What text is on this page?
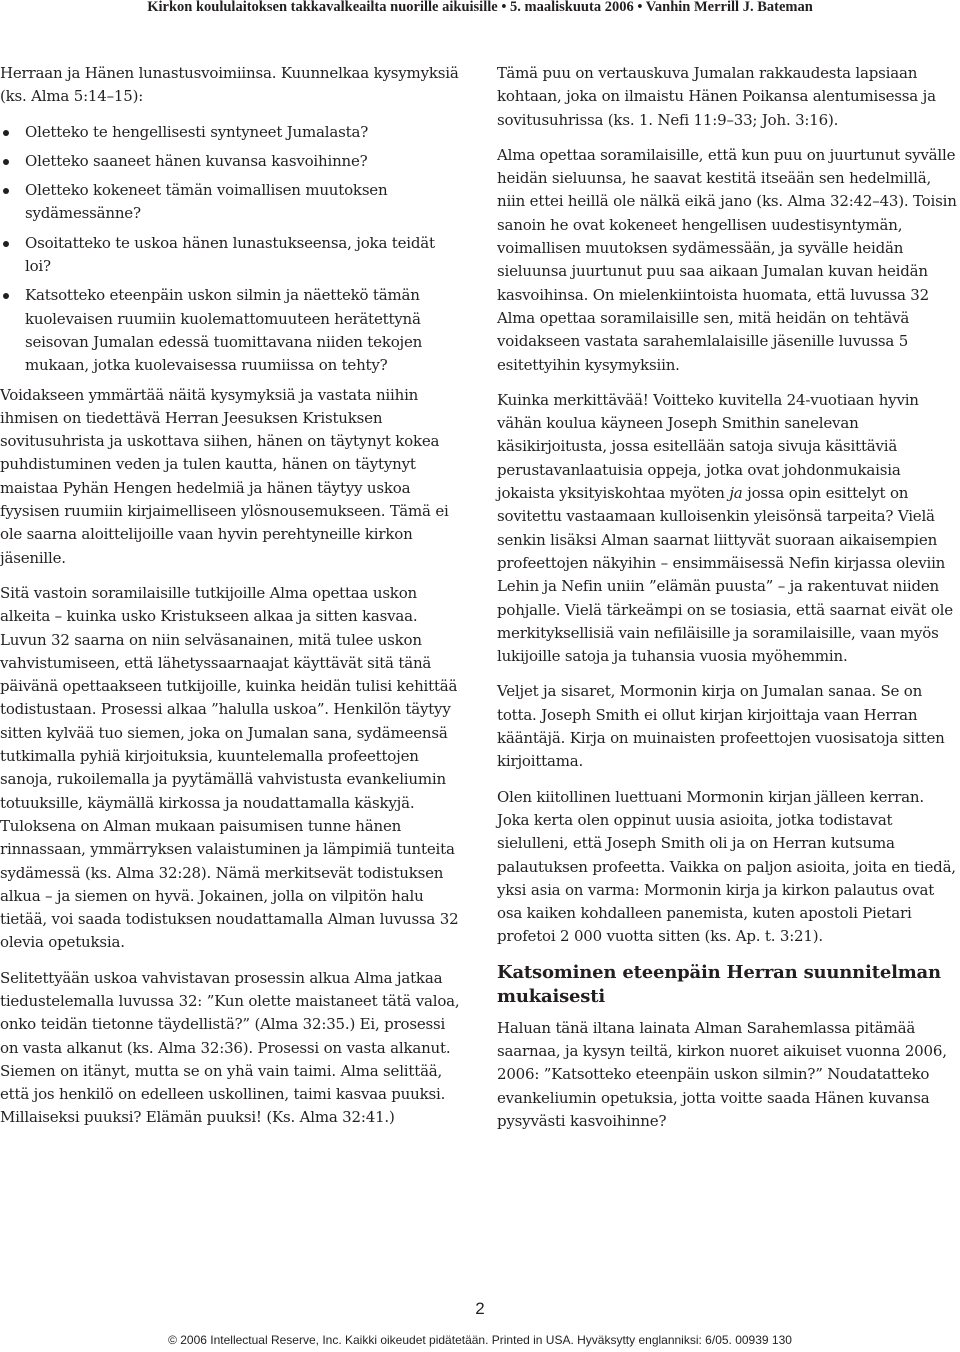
Kirkon koululaitoksen takkavalkeailta nuorille aikuisille • 5. maaliskuuta 2006 • Vanhin Merrill J. Bateman

Herraan ja Hänen lunastusvoimiinsa. Kuunnelkaa kysymyksiä (ks. Alma 5:14–15):

Oletteko te hengellisesti syntyneet Jumalasta?
Oletteko saaneet hänen kuvansa kasvoihinne?
Oletteko kokeneet tämän voimallisen muutoksen sydämessänne?
Osoitatteko te uskoa hänen lunastukseensa, joka teidät loi?
Katsotteko eteenpäin uskon silmin ja näettekö tämän kuolevaisen ruumiin kuolemattomuuteen herätettynä seisovan Jumalan edessä tuomittavana niiden tekojen mukaan, jotka kuolevaisessa ruumiissa on tehty?

Voidakseen ymmärtää näitä kysymyksiä ja vastata niihin ihmisen on tiedettävä Herran Jeesuksen Kristuksen sovitusuhrista ja uskottava siihen, hänen on täytynyt kokea puhdistuminen veden ja tulen kautta, hänen on täytynyt maistaa Pyhän Hengen hedelmiä ja hänen täytyy uskoa fyysisen ruumiin kirjaimelliseen ylösnousemukseen. Tämä ei ole saarna aloittelijoille vaan hyvin perehtyneille kirkon jäsenille.

Sitä vastoin soramilaisille tutkijoille Alma opettaa uskon alkeita – kuinka usko Kristukseen alkaa ja sitten kasvaa. Luvun 32 saarna on niin selväsanainen, mitä tulee uskon vahvistumiseen, että lähetyssaarnaajat käyttävät sitä tänä päivänä opettaakseen tutkijoille, kuinka heidän tulisi kehittää todistustaan. Prosessi alkaa ”halulla uskoa”. Henkilön täytyy sitten kylvää tuo siemen, joka on Jumalan sana, sydämeensä tutkimalla pyhiä kirjoituksia, kuuntelemalla profeettojen sanoja, rukoilemalla ja pyytämällä vahvistusta evankeliumin totuuksille, käymällä kirkossa ja noudattamalla käskyjä. Tuloksena on Alman mukaan paisumisen tunne hänen rinnassaan, ymmärryksen valaistuminen ja lämpimiä tunteita sydämessä (ks. Alma 32:28). Nämä merkitsevät todistuksen alkua – ja siemen on hyvä. Jokainen, jolla on vilpitön halu tietää, voi saada todistuksen noudattamalla Alman luvussa 32 olevia opetuksia.

Selitettyään uskoa vahvistavan prosessin alkua Alma jatkaa tiedustelemalla luvussa 32: ”Kun olette maistaneet tätä valoa, onko teidän tietonne täydellistä?” (Alma 32:35.) Ei, prosessi on vasta alkanut (ks. Alma 32:36). Prosessi on vasta alkanut. Siemen on itänyt, mutta se on yhä vain taimi. Alma selittää, että jos henkilö on edelleen uskollinen, taimi kasvaa puuksi. Millaiseksi puuksi? Elämän puuksi! (Ks. Alma 32:41.)

Tämä puu on vertauskuva Jumalan rakkaudesta lapsiaan kohtaan, joka on ilmaistu Hänen Poikansa alentumisessa ja sovitusuhrissa (ks. 1. Nefi 11:9–33; Joh. 3:16).

Alma opettaa soramilaisille, että kun puu on juurtunut syvälle heidän sieluunsa, he saavat kestitä itseään sen hedelmillä, niin ettei heillä ole nälkä eikä jano (ks. Alma 32:42–43). Toisin sanoin he ovat kokeneet hengellisen uudestisyntymän, voimallisen muutoksen sydämessään, ja syvälle heidän sieluunsa juurtunut puu saa aikaan Jumalan kuvan heidän kasvoihinsa. On mielenkiintoista huomata, että luvussa 32 Alma opettaa soramilaisille sen, mitä heidän on tehtävä voidakseen vastata sarahemlalaisille jäsenille luvussa 5 esitettyihin kysymyksiin.

Kuinka merkittävää! Voitteko kuvitella 24-vuotiaan hyvin vähän koulua käyneen Joseph Smithin sanelevan käsikirjoitusta, jossa esitellään satoja sivuja käsittäviä perustavanlaatuisia oppeja, jotka ovat johdonmukaisia jokaista yksityiskohtaa myöten ja jossa opin esittelyt on sovitettu vastaamaan kulloisenkin yleisönsä tarpeita? Vielä senkin lisäksi Alman saarnat liittyvät suoraan aikaisempien profeettojen näkyihin – ensimmäisessä Nefin kirjassa oleviin Lehin ja Nefin uniin ”elämän puusta” – ja rakentuvat niiden pohjalle. Vielä tärkeämpi on se tosiasia, että saarnat eivät ole merkityksellisiä vain nefiläisille ja soramilaisille, vaan myös lukijoille satoja ja tuhansia vuosia myöhemmin.

Veljet ja sisaret, Mormonin kirja on Jumalan sanaa. Se on totta. Joseph Smith ei ollut kirjan kirjoittaja vaan Herran kääntäjä. Kirja on muinaisten profeettojen vuosisatoja sitten kirjoittama.

Olen kiitollinen luettuani Mormonin kirjan jälleen kerran. Joka kerta olen oppinut uusia asioita, jotka todistavat sielulleni, että Joseph Smith oli ja on Herran kutsuma palautuksen profeetta. Vaikka on paljon asioita, joita en tiedä, yksi asia on varma: Mormonin kirja ja kirkon palautus ovat osa kaiken kohdalleen panemista, kuten apostoli Pietari profetoi 2 000 vuotta sitten (ks. Ap. t. 3:21).

Katsominen eteenpäin Herran suunnitelman mukaisesti

Haluan tänä iltana lainata Alman Sarahemlassa pitämää saarnaa, ja kysyn teiltä, kirkon nuoret aikuiset vuonna 2006, 2006: ”Katsotteko eteenpäin uskon silmin?” Noudatatteko evankeliumin opetuksia, jotta voitte saada Hänen kuvansa pysyvästi kasvoihinne?

2
© 2006 Intellectual Reserve, Inc. Kaikki oikeudet pidätetään. Printed in USA. Hyväksytty englanniksi: 6/05. 00939 130
